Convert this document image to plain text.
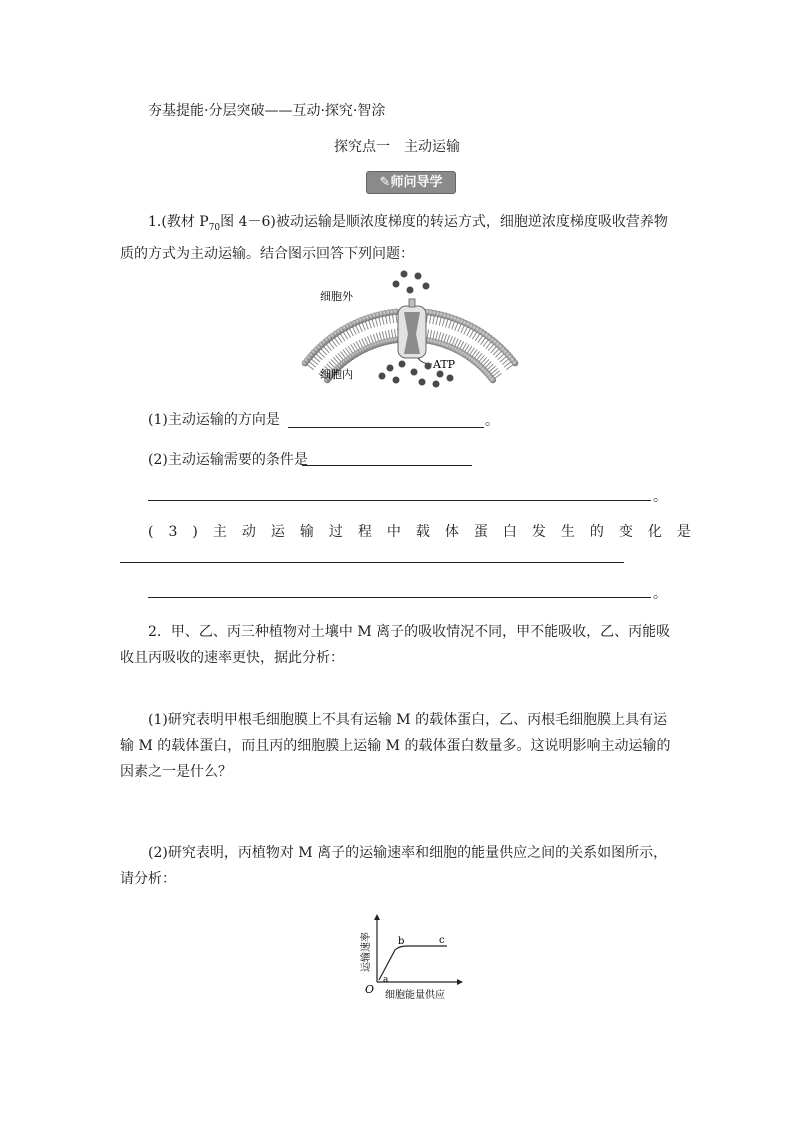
夯基提能·分层突破——互动·探究·智涂
探究点一　主动运输
✎师问导学
1.(教材 $P_{70}$图 4－6)被动运输是顺浓度梯度的转运方式，细胞逆浓度梯度吸收营养物质的方式为主动运输。结合图示回答下列问题：
细胞外
细胞内
ATP
(1)主动运输的方向是	。
(2)主动运输需要的条件是
。
(3)主动运输过程中载体蛋白发生的变化是
。
2．甲、乙、丙三种植物对土壤中 M 离子的吸收情况不同，甲不能吸收，乙、丙能吸收且丙吸收的速率更快，据此分析：
(1)研究表明甲根毛细胞膜上不具有运输 M 的载体蛋白，乙、丙根毛细胞膜上具有运输 M 的载体蛋白，而且丙的细胞膜上运输 M 的载体蛋白数量多。这说明影响主动运输的因素之一是什么？
(2)研究表明，丙植物对 M 离子的运输速率和细胞的能量供应之间的关系如图所示，请分析：
运输速率
O
a
b	c
细胞能量供应
